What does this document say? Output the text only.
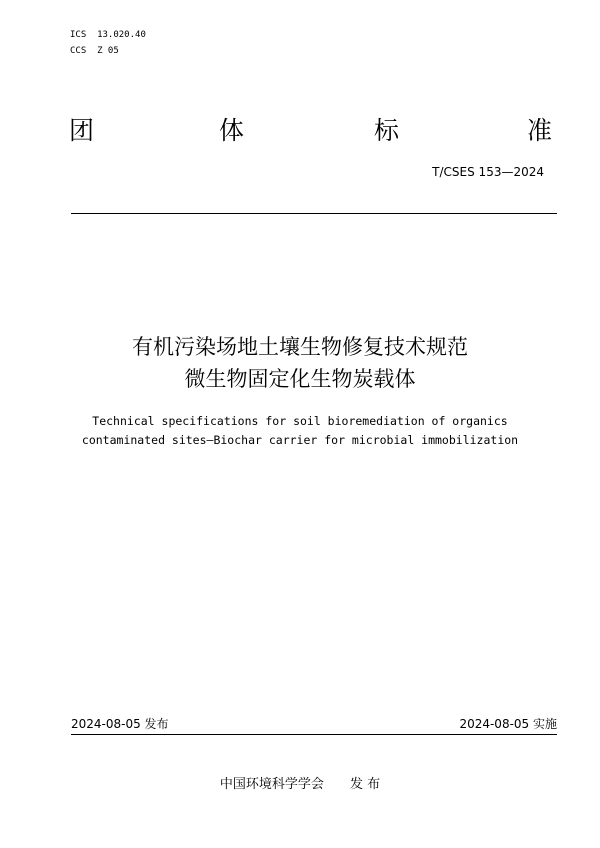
ICS  13.020.40
CCS  Z 05
团	体	标	准
T/CSES 153—2024
有机污染场地土壤生物修复技术规范
微生物固定化生物炭载体
Technical specifications for soil bioremediation of organics
contaminated sites—Biochar carrier for microbial immobilization
2024-08-05 发布	2024-08-05 实施
中国环境科学学会 发 布
